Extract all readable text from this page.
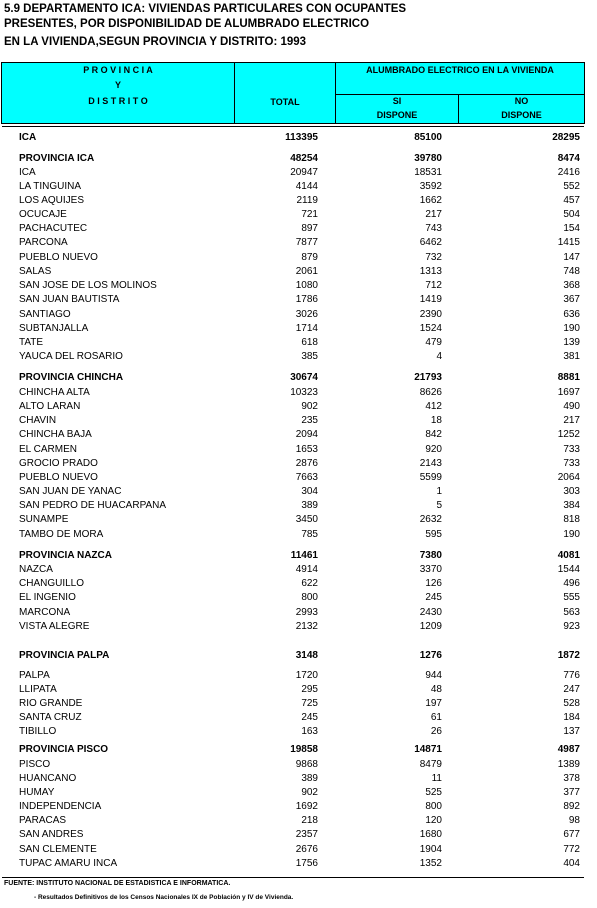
5.9 DEPARTAMENTO ICA: VIVIENDAS PARTICULARES CON OCUPANTES
PRESENTES, POR DISPONIBILIDAD DE ALUMBRADO ELECTRICO
EN LA VIVIENDA,SEGUN PROVINCIA Y DISTRITO: 1993
P R O V I N C I A
Y
D I S T R I T O	TOTAL
ALUMBRADO ELECTRICO EN LA VIVIENDA
SI
DISPONE
NO
DISPONE
ICA	113395	85100	28295
PROVINCIA ICA	48254	39780	8474
ICA	20947	18531	2416
LA TINGUINA	4144	3592	552
LOS AQUIJES	2119	1662	457
OCUCAJE	721	217	504
PACHACUTEC	897	743	154
PARCONA	7877	6462	1415
PUEBLO NUEVO	879	732	147
SALAS	2061	1313	748
SAN JOSE DE LOS MOLINOS	1080	712	368
SAN JUAN BAUTISTA	1786	1419	367
SANTIAGO	3026	2390	636
SUBTANJALLA	1714	1524	190
TATE	618	479	139
YAUCA DEL ROSARIO	385	4	381
PROVINCIA CHINCHA	30674	21793	8881
CHINCHA ALTA	10323	8626	1697
ALTO LARAN	902	412	490
CHAVIN	235	18	217
CHINCHA BAJA	2094	842	1252
EL CARMEN	1653	920	733
GROCIO PRADO	2876	2143	733
PUEBLO NUEVO	7663	5599	2064
SAN JUAN DE YANAC	304	1	303
SAN PEDRO DE HUACARPANA	389	5	384
SUNAMPE	3450	2632	818
TAMBO DE MORA	785	595	190
PROVINCIA NAZCA	11461	7380	4081
NAZCA	4914	3370	1544
CHANGUILLO	622	126	496
EL INGENIO	800	245	555
MARCONA	2993	2430	563
VISTA ALEGRE	2132	1209	923
PROVINCIA PALPA	3148	1276	1872
PALPA	1720	944	776
LLIPATA	295	48	247
RIO GRANDE	725	197	528
SANTA CRUZ	245	61	184
TIBILLO	163	26	137
PROVINCIA PISCO	19858	14871	4987
PISCO	9868	8479	1389
HUANCANO	389	11	378
HUMAY	902	525	377
INDEPENDENCIA	1692	800	892
PARACAS	218	120	98
SAN ANDRES	2357	1680	677
SAN CLEMENTE	2676	1904	772
TUPAC AMARU INCA	1756	1352	404
FUENTE: INSTITUTO NACIONAL DE ESTADISTICA E INFORMATICA.
- Resultados Definitivos de los Censos Nacionales IX de Población y IV de Vivienda.
